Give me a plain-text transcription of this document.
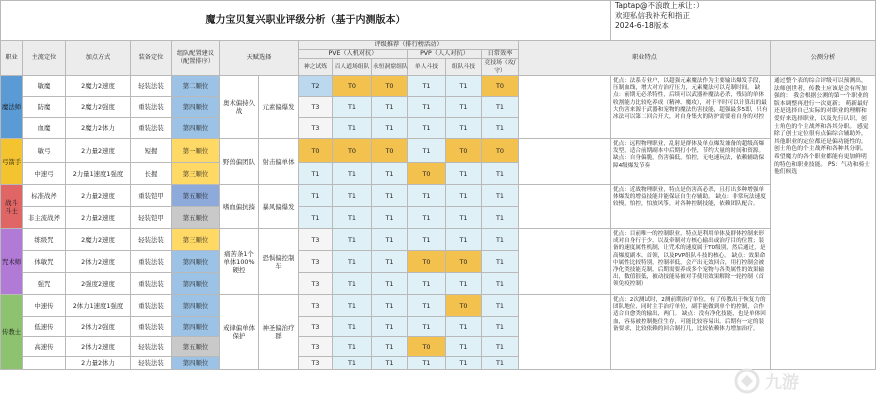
魔力宝贝复兴职业评级分析（基于内测版本）														Taptap@不浪敢上承让：）
欢迎私信我补充和指正
2024-6-18版本	

职业	主流定位	加点方式	装备定位	组队配置建议（配置排序）	天赋选择		评级推荐（排行榜活动）						职业特点		公测分析
							PVE（人机对抗）			PVP（人人对抗）		日常效率			
							神之试炼	百人道场组队	永恒洞窟组队	单人斗技	组队斗技	竞技场（攻/守）			
魔法师	敏魔	2魔力2速度	轻装法装	第二顺位	奥术偏持久战	元素偏爆发	T2	T0	T0	T1	T1	T0		优点：法系专业户，以超强元素魔法作为主要输出爆发手段，压制血线，增大对方治疗压力，元素魔法可以克制时间。 缺点：前期无必杀特性，后续可以武器补魔法必杀，残局的单体收割能力比较吃养成（精神、魔攻），对于平时可以计算出的最大伤害来源于武器和宠物的魔法伤害技能，超强最多5即，只有冰法可以第二回合开大，对自身集火的防护需要看自身的对控	通过整个表的综合评级可以预测出，法师创世者，传教士应该是会有所加强的： 我会根据公测的第一个职业的版本调整再进行一次更新； 萌新最好还是选择自己实际的对职业的理解和爱好来选择职业，以及先行认识，创士角色的个主战斧和各其分职。 感觉除了创士定位很有点偏综合辅助外，其他职业的定位都还是偏功能性的，创士角色的个主战斧和各种其分职。 希望魔力的各个职业都能有更加鲜明的特色和职业技能。 PS：气功和骑士他们候选
	防魔	2魔力2强度	重装法装	第四顺位			T3	T1	T1	T1	T1	T1			
	血魔	2魔力2体力	重装法装	第四顺位			T3	T1	T1	T1	T1	T1			
弓箭手	敏弓	2力量2速度	短握	第一顺位	野兽偏团队	射击偏单体	T0	T0	T0	T1	T0	T0		优点：远程物理职业，乱射是群体及单点爆发兼备的超级高爆发型，适合前期副本中后期打小怪，节约大量的时间和资源。 缺点：自身偏脆，伤害偏低，怕控，无电速玩法，依赖辅助保障4级爆发节奏	
	中速弓	2力量1速度1强度	长握	第三顺位			T1	T1	T1	T0	T1	T1			
战斗斗士	标准战斧	2力量2速度	重装铠甲	第五顺位	嗜血偏抗揍	暴风偏爆发	T1	T1	T1	T1	T1	T1		优点：近战物理职业，特点是伤害高必杀，且打出多种增强单体爆发的增益技能并能保证自生存辅助。 缺点：非常玩法速度较慢，怕控，怕放风筝，对各种控制技能，依赖团队配合。	
	非主流战斧	2力量2速度	轻装铠甲	第五顺位			T1	T1	T1	T1	T1	T1			
咒术师	练级咒	2魔力2速度	轻装法装	第三顺位	痛苦条1个单体100%硬控	恐惧偏控制车	T3	T1	T1	T1	T1	T1		优点：目前唯一的控制职业，特点是利用单体及群体控制来形成对自身行于少，以及牵制对方核心输出或治疗目的位置；装备的速度属性机制，让咒术的速度属于T0级别，然后通过，是高爆度副本、首领，以及PVP组队斗技的核心。 缺点：效果命中属性比较特别，控制率低，会产出无效回合，用打控制会被净化类技能克制，后期需要养成多个宠物与各类属性的效果输出，数值很低，被动技能易被对手使用效果解除一轮控制（首领免疫控制）	
	体敏咒	2体力2速度	重装法装	第四顺位			T3	T1	T1	T0	T0	T1			
	强咒	2强度2速度	重装法装	第四顺位			T3	T1	T1	T1	T1	T1			
传教士	中速传	2体力1速度1强度	重装法装	第四顺位	戒律偏单体保护	神圣偏治疗群	T3	T1	T1	T1	T0	T1		优点：2次测试时，2测前期治疗单位，有了传教出于恢复力的团队地位，同时主手治疗单位，副手能做到单个的控制，合作适合自愈类的输出，两门。 缺点：没有净化技能，也是单体回血，容易被控制拖住生存，可能比较容易出。后期有一定的装备要求，比较依赖的回合制打几，比较依赖体力增加治疗。	
	低速传	2体力2强度	重装法装	第四顺位			T3	T1	T1	T1	T1	T1			
	高速传	2体力2速度	轻装法装	第五顺位			T3	T1	T1	T0	T1	T1			
		2力量2体力	轻装法装	第四顺位			T3	T1	T1	T1	T1	T1			
九游
